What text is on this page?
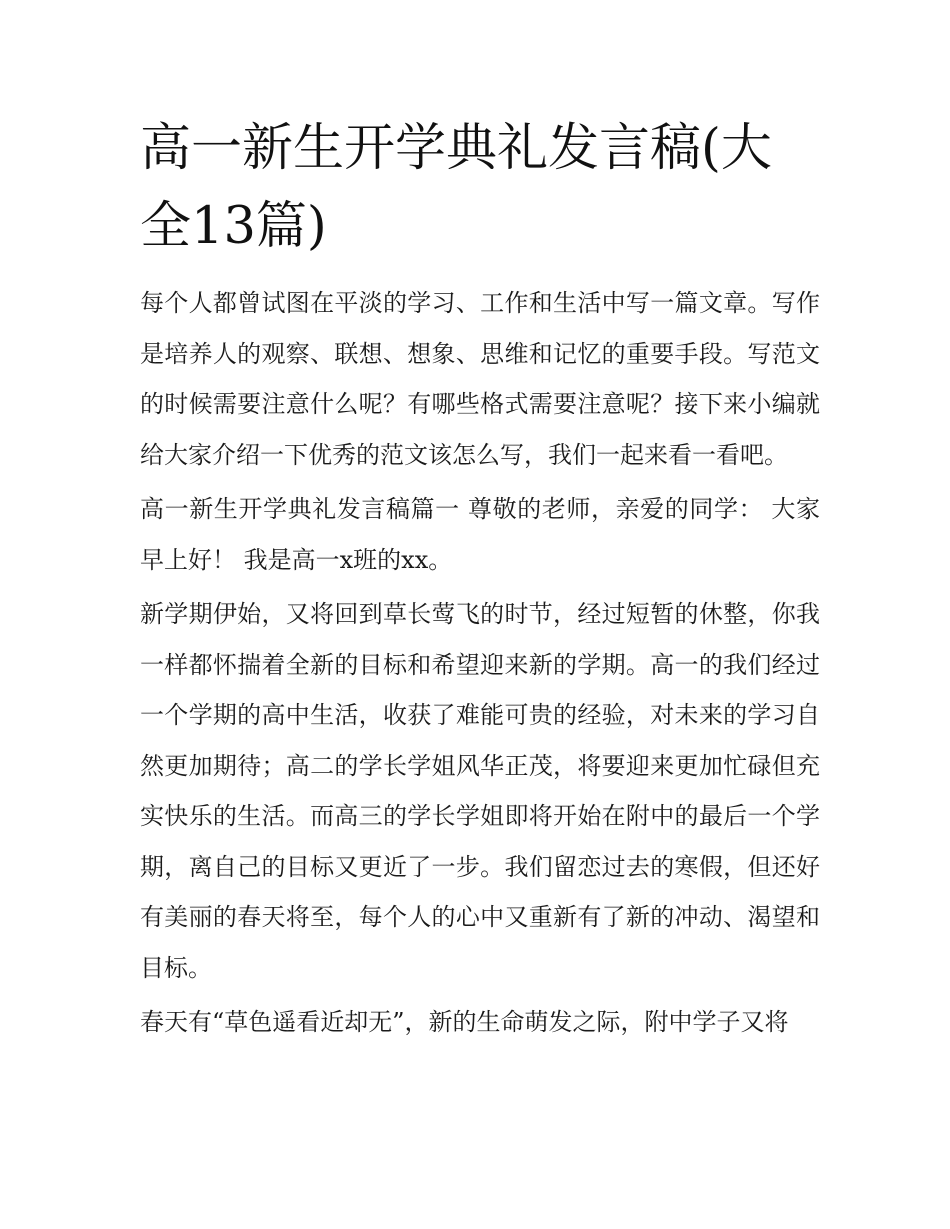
高一新生开学典礼发言稿(大全13篇)

每个人都曾试图在平淡的学习、工作和生活中写一篇文章。写作是培养人的观察、联想、想象、思维和记忆的重要手段。写范文的时候需要注意什么呢？有哪些格式需要注意呢？接下来小编就给大家介绍一下优秀的范文该怎么写，我们一起来看一看吧。

高一新生开学典礼发言稿篇一 尊敬的老师，亲爱的同学： 大家早上好！ 我是高一x班的xx。

新学期伊始，又将回到草长莺飞的时节，经过短暂的休整，你我一样都怀揣着全新的目标和希望迎来新的学期。高一的我们经过一个学期的高中生活，收获了难能可贵的经验，对未来的学习自然更加期待；高二的学长学姐风华正茂，将要迎来更加忙碌但充实快乐的生活。而高三的学长学姐即将开始在附中的最后一个学期，离自己的目标又更近了一步。我们留恋过去的寒假，但还好有美丽的春天将至，每个人的心中又重新有了新的冲动、渴望和目标。

春天有“草色遥看近却无”，新的生命萌发之际，附中学子又将
